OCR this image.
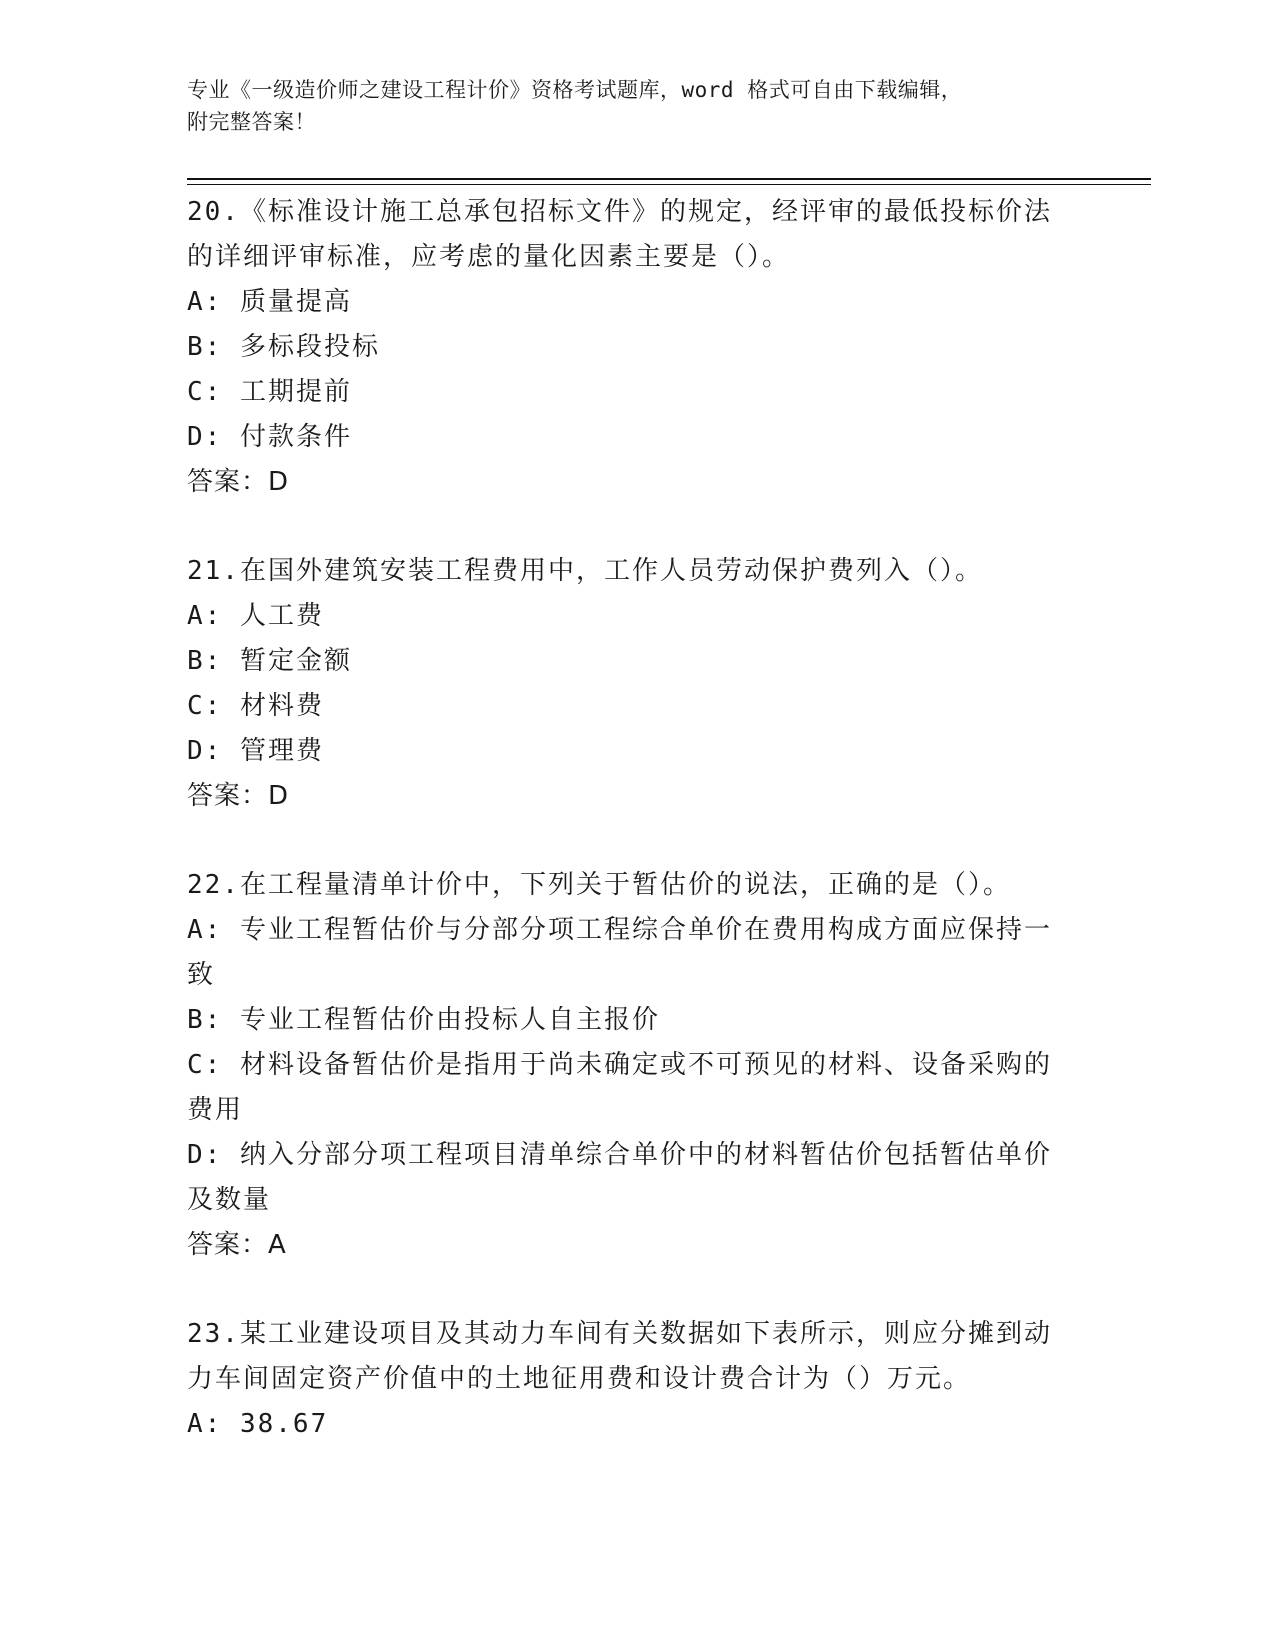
专业《一级造价师之建设工程计价》资格考试题库，word 格式可自由下载编辑，
附完整答案！

20.《标准设计施工总承包招标文件》的规定，经评审的最低投标价法的详细评审标准，应考虑的量化因素主要是（）。

A: 质量提高

B: 多标段投标

C: 工期提前

D: 付款条件

答案：D

21.在国外建筑安装工程费用中，工作人员劳动保护费列入（）。

A: 人工费

B: 暂定金额

C: 材料费

D: 管理费

答案：D

22.在工程量清单计价中，下列关于暂估价的说法，正确的是（）。

A: 专业工程暂估价与分部分项工程综合单价在费用构成方面应保持一致

B: 专业工程暂估价由投标人自主报价

C: 材料设备暂估价是指用于尚未确定或不可预见的材料、设备采购的费用

D: 纳入分部分项工程项目清单综合单价中的材料暂估价包括暂估单价及数量

答案：A

23.某工业建设项目及其动力车间有关数据如下表所示，则应分摊到动力车间固定资产价值中的土地征用费和设计费合计为（）万元。

A: 38.67
